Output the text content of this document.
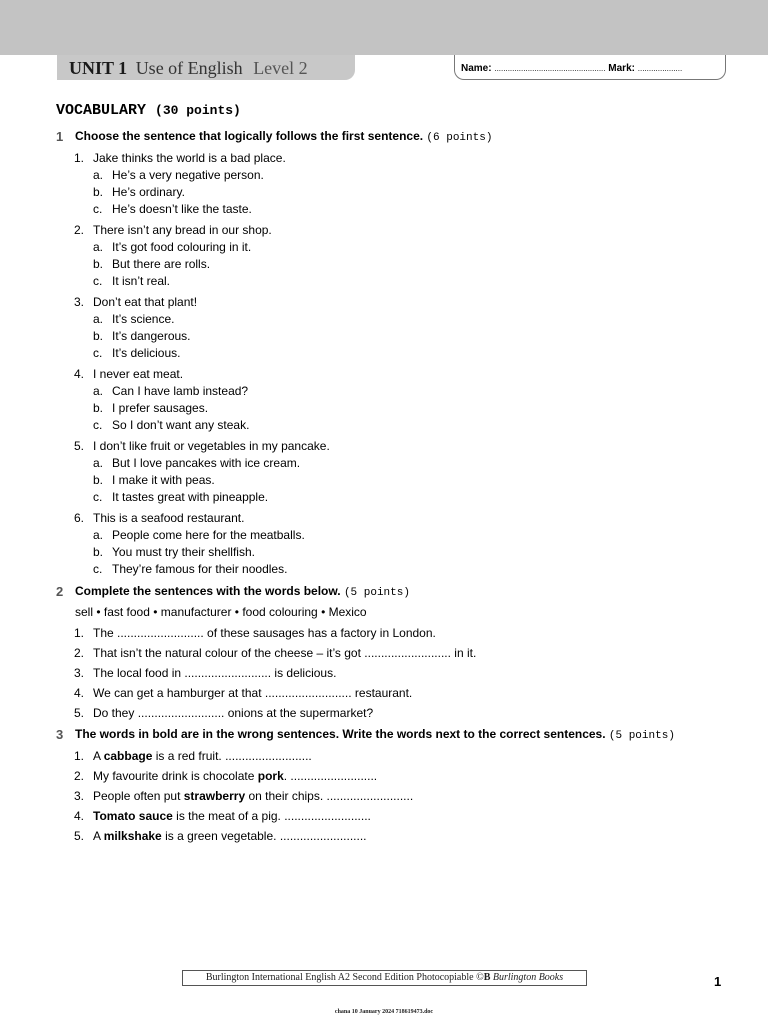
UNIT 1 Use of English Level 2	Name: .................................................. Mark: ....................
VOCABULARY (30 points)
1 Choose the sentence that logically follows the first sentence. (6 points)
1. Jake thinks the world is a bad place.
a. He’s a very negative person.
b. He’s ordinary.
c. He’s doesn’t like the taste.
2. There isn’t any bread in our shop.
a. It’s got food colouring in it.
b. But there are rolls.
c. It isn’t real.
3. Don’t eat that plant!
a. It’s science.
b. It’s dangerous.
c. It’s delicious.
4. I never eat meat.
a. Can I have lamb instead?
b. I prefer sausages.
c. So I don’t want any steak.
5. I don’t like fruit or vegetables in my pancake.
a. But I love pancakes with ice cream.
b. I make it with peas.
c. It tastes great with pineapple.
6. This is a seafood restaurant.
a. People come here for the meatballs.
b. You must try their shellfish.
c. They’re famous for their noodles.
2 Complete the sentences with the words below. (5 points)
sell • fast food • manufacturer • food colouring • Mexico
1. The .......................... of these sausages has a factory in London.
2. That isn’t the natural colour of the cheese – it’s got .......................... in it.
3. The local food in .......................... is delicious.
4. We can get a hamburger at that .......................... restaurant.
5. Do they .......................... onions at the supermarket?
3 The words in bold are in the wrong sentences. Write the words next to the correct sentences. (5 points)
1. A cabbage is a red fruit. ..........................
2. My favourite drink is chocolate pork. ..........................
3. People often put strawberry on their chips. ..........................
4. Tomato sauce is the meat of a pig. ..........................
5. A milkshake is a green vegetable. ..........................
Burlington International English A2 Second Edition Photocopiable ©B Burlington Books	1
chana 10 January 2024 718619473.doc
